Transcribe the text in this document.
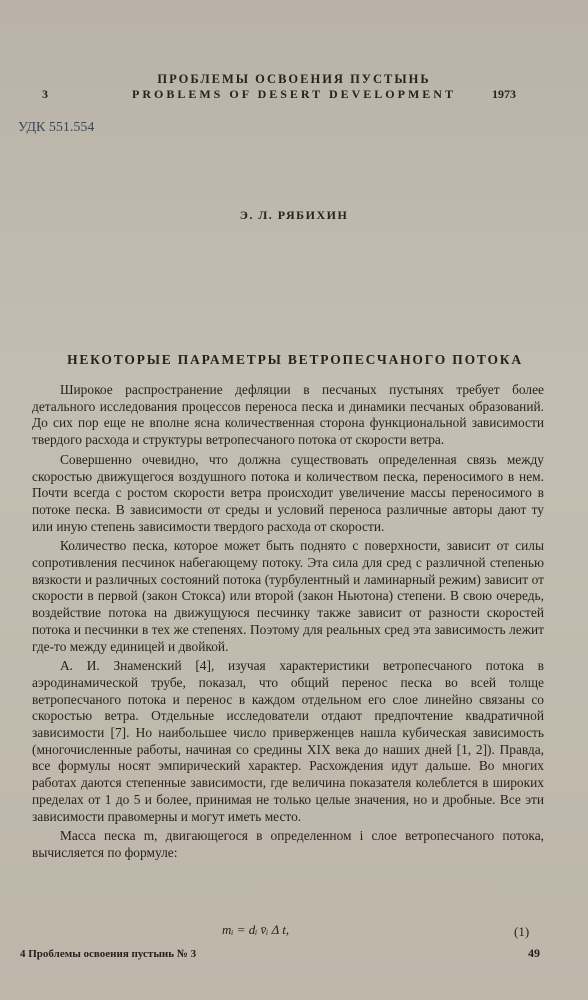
ПРОБЛЕМЫ ОСВОЕНИЯ ПУСТЫНЬ
3	PROBLEMS OF DESERT DEVELOPMENT	1973
УДК 551.554
Э. Л. РЯБИХИН
НЕКОТОРЫЕ ПАРАМЕТРЫ ВЕТРОПЕСЧАНОГО ПОТОКА

Широкое распространение дефляции в песчаных пустынях требует более детального исследования процессов переноса песка и динамики песчаных образований. До сих пор еще не вполне ясна количественная сторона функциональной зависимости твердого расхода и структуры ветропесчаного потока от скорости ветра.

Совершенно очевидно, что должна существовать определенная связь между скоростью движущегося воздушного потока и количеством песка, переносимого в нем. Почти всегда с ростом скорости ветра происходит увеличение массы переносимого в потоке песка. В зависимости от среды и условий переноса различные авторы дают ту или иную степень зависимости твердого расхода от скорости.

Количество песка, которое может быть поднято с поверхности, зависит от силы сопротивления песчинок набегающему потоку. Эта сила для сред с различной степенью вязкости и различных состояний потока (турбулентный и ламинарный режим) зависит от скорости в первой (закон Стокса) или второй (закон Ньютона) степени. В свою очередь, воздействие потока на движущуюся песчинку также зависит от разности скоростей потока и песчинки в тех же степенях. Поэтому для реальных сред эта зависимость лежит где-то между единицей и двойкой.

А. И. Знаменский [4], изучая характеристики ветропесчаного потока в аэродинамической трубе, показал, что общий перенос песка во всей толще ветропесчаного потока и перенос в каждом отдельном его слое линейно связаны со скоростью ветра. Отдельные исследователи отдают предпочтение квадратичной зависимости [7]. Но наибольшее число приверженцев нашла кубическая зависимость (многочисленные работы, начиная со средины XIX века до наших дней [1, 2]). Правда, все формулы носят эмпирический характер. Расхождения идут дальше. Во многих работах даются степенные зависимости, где величина показателя колеблется в широких пределах от 1 до 5 и более, принимая не только целые значения, но и дробные. Все эти зависимости правомерны и могут иметь место.

Масса песка m, двигающегося в определенном i слое ветропесчаного потока, вычисляется по формуле:

mᵢ = dᵢ v̄ᵢ Δ t,	(1)
4 Проблемы освоения пустынь № 3	49
